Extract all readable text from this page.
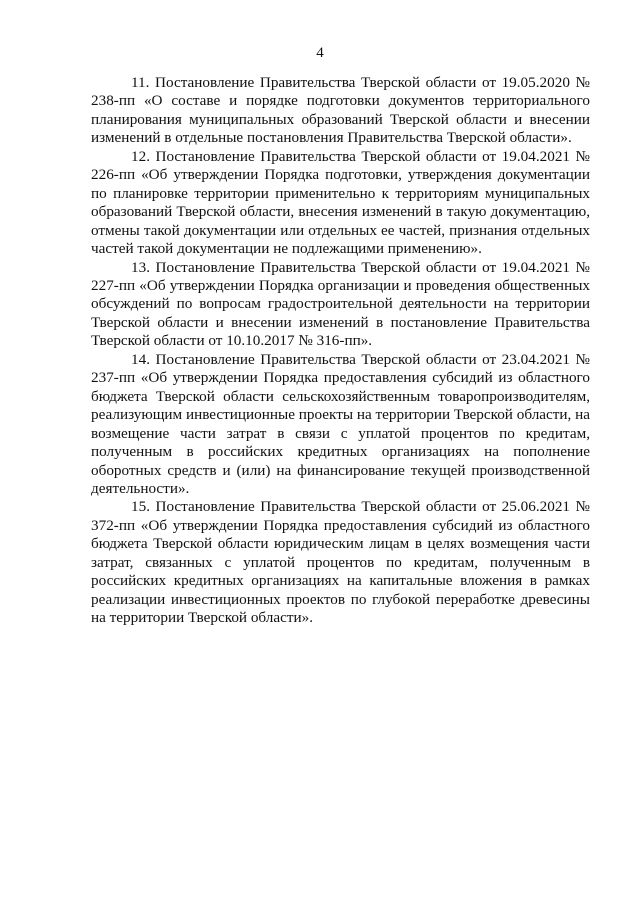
4

11. Постановление Правительства Тверской области от 19.05.2020 № 238-пп «О составе и порядке подготовки документов территориального планирования муниципальных образований Тверской области и внесении изменений в отдельные постановления Правительства Тверской области».

12. Постановление Правительства Тверской области от 19.04.2021 № 226-пп «Об утверждении Порядка подготовки, утверждения документации по планировке территории применительно к территориям муниципальных образований Тверской области, внесения изменений в такую документацию, отмены такой документации или отдельных ее частей, признания отдельных частей такой документации не подлежащими применению».

13. Постановление Правительства Тверской области от 19.04.2021 № 227-пп «Об утверждении Порядка организации и проведения общественных обсуждений по вопросам градостроительной деятельности на территории Тверской области и внесении изменений в постановление Правительства Тверской области от 10.10.2017 № 316-пп».

14. Постановление Правительства Тверской области от 23.04.2021 № 237-пп «Об утверждении Порядка предоставления субсидий из областного бюджета Тверской области сельскохозяйственным товаропроизводителям, реализующим инвестиционные проекты на территории Тверской области, на возмещение части затрат в связи с уплатой процентов по кредитам, полученным в российских кредитных организациях на пополнение оборотных средств и (или) на финансирование текущей производственной деятельности».

15. Постановление Правительства Тверской области от 25.06.2021 № 372-пп «Об утверждении Порядка предоставления субсидий из областного бюджета Тверской области юридическим лицам в целях возмещения части затрат, связанных с уплатой процентов по кредитам, полученным в российских кредитных организациях на капитальные вложения в рамках реализации инвестиционных проектов по глубокой переработке древесины на территории Тверской области».
